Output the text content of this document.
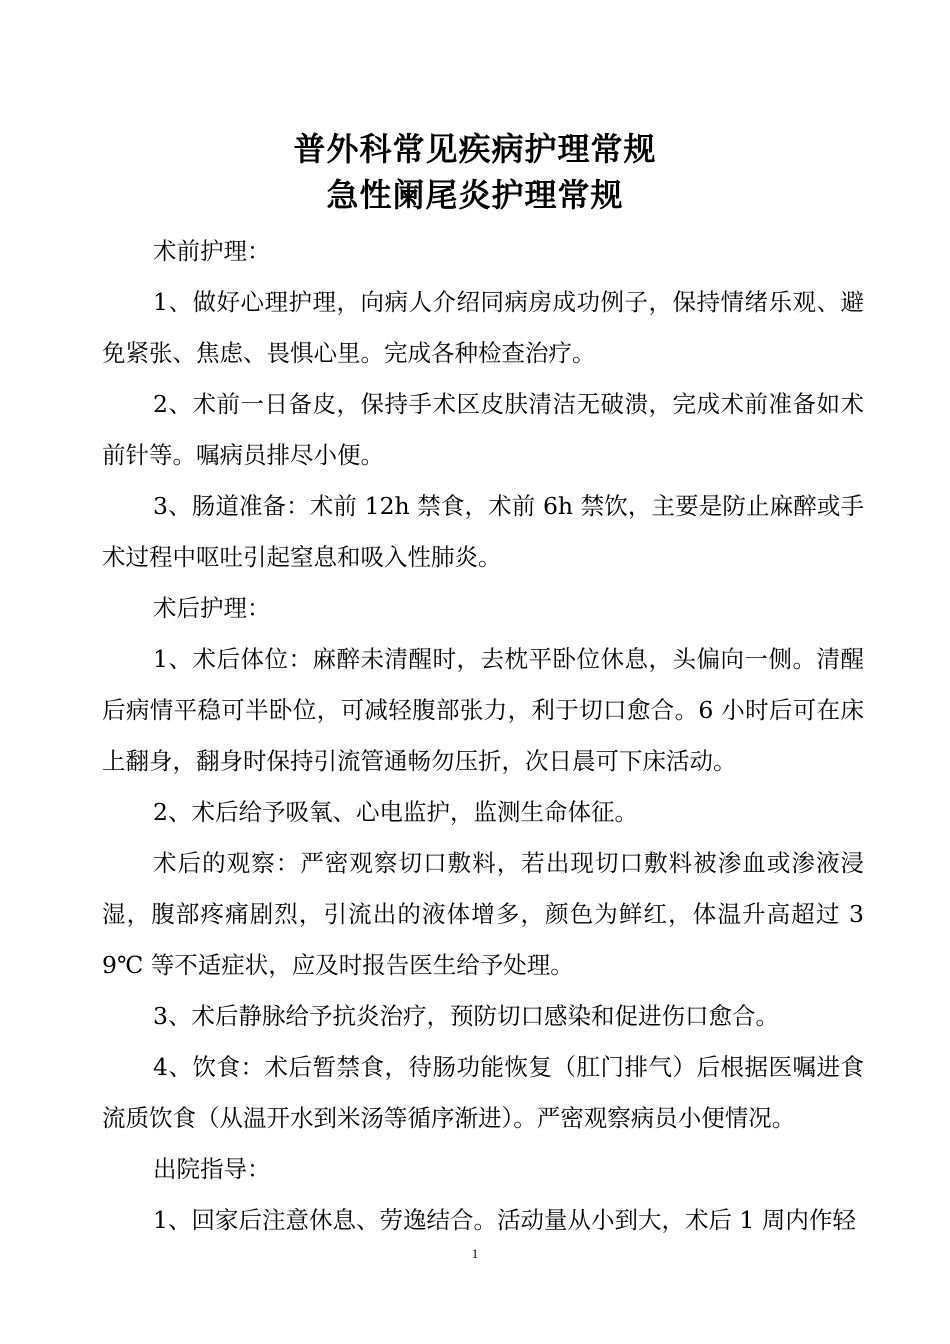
普外科常见疾病护理常规
急性阑尾炎护理常规

术前护理：

1、做好心理护理，向病人介绍同病房成功例子，保持情绪乐观、避免紧张、焦虑、畏惧心里。完成各种检查治疗。

2、术前一日备皮，保持手术区皮肤清洁无破溃，完成术前准备如术前针等。嘱病员排尽小便。

3、肠道准备：术前 12h 禁食，术前 6h 禁饮，主要是防止麻醉或手术过程中呕吐引起窒息和吸入性肺炎。

术后护理：

1、术后体位：麻醉未清醒时，去枕平卧位休息，头偏向一侧。清醒后病情平稳可半卧位，可减轻腹部张力，利于切口愈合。6 小时后可在床上翻身，翻身时保持引流管通畅勿压折，次日晨可下床活动。

2、术后给予吸氧、心电监护，监测生命体征。

术后的观察：严密观察切口敷料，若出现切口敷料被渗血或渗液浸湿，腹部疼痛剧烈，引流出的液体增多，颜色为鲜红，体温升高超过 39℃ 等不适症状，应及时报告医生给予处理。

3、术后静脉给予抗炎治疗，预防切口感染和促进伤口愈合。

4、饮食：术后暂禁食，待肠功能恢复（肛门排气）后根据医嘱进食流质饮食（从温开水到米汤等循序渐进）。严密观察病员小便情况。

出院指导：

1、回家后注意休息、劳逸结合。活动量从小到大，术后 1 周内作轻

1
